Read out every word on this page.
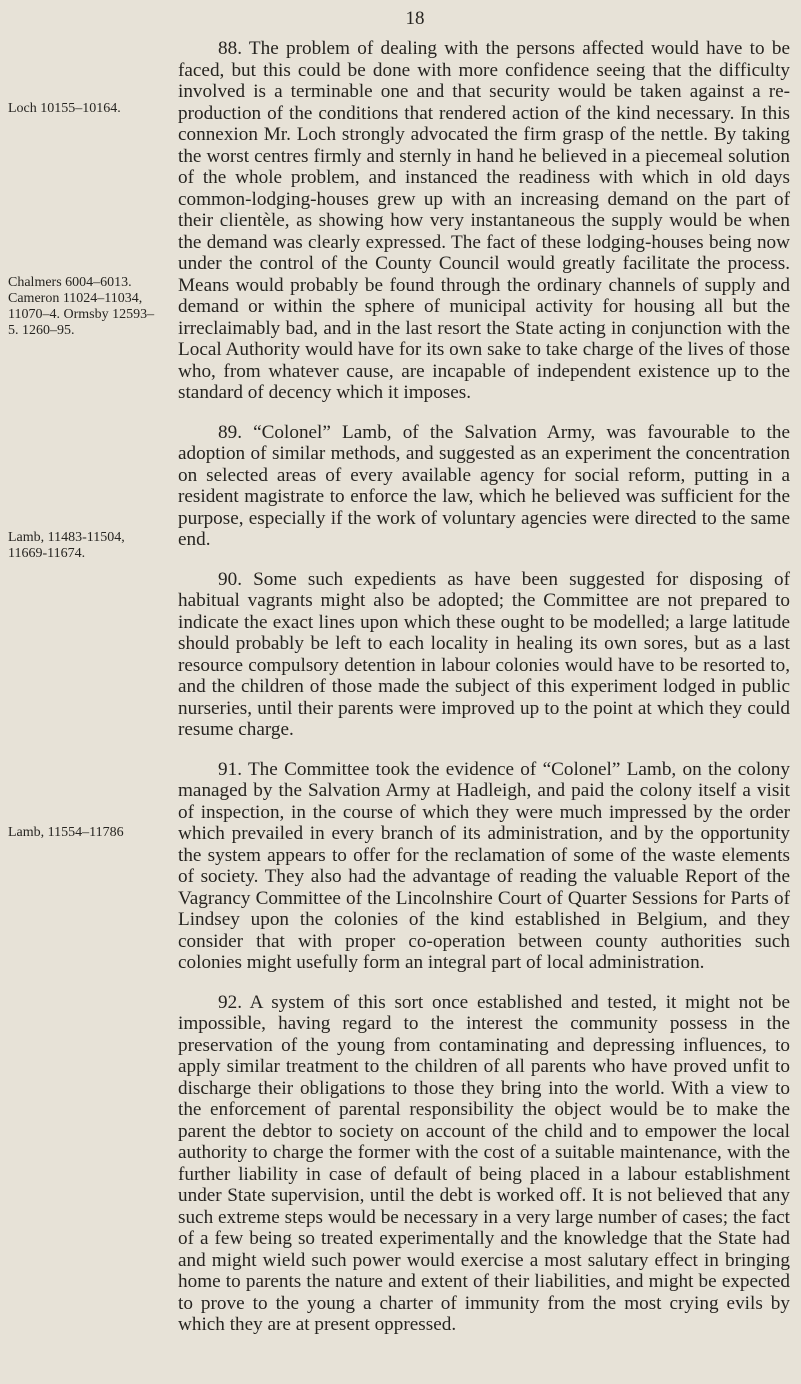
18
Loch 10155–10164.
Chalmers 6004–6013. Cameron 11024–11034, 11070–4. Ormsby 12593–5. 1260–95.
Lamb, 11483-11504, 11669-11674.
Lamb, 11554–11786

88. The problem of dealing with the persons affected would have to be faced, but this could be done with more confidence seeing that the difficulty involved is a terminable one and that security would be taken against a re-production of the conditions that rendered action of the kind necessary. In this connexion Mr. Loch strongly advocated the firm grasp of the nettle. By taking the worst centres firmly and sternly in hand he believed in a piecemeal solution of the whole problem, and instanced the readiness with which in old days common-lodging-houses grew up with an increasing demand on the part of their clientèle, as showing how very instantaneous the supply would be when the demand was clearly expressed. The fact of these lodging-houses being now under the control of the County Council would greatly facilitate the process. Means would probably be found through the ordinary channels of supply and demand or within the sphere of municipal activity for housing all but the irreclaimably bad, and in the last resort the State acting in conjunction with the Local Authority would have for its own sake to take charge of the lives of those who, from whatever cause, are incapable of independent existence up to the standard of decency which it imposes.

89. “Colonel” Lamb, of the Salvation Army, was favourable to the adoption of similar methods, and suggested as an experiment the concentration on selected areas of every available agency for social reform, putting in a resident magistrate to enforce the law, which he believed was sufficient for the purpose, especially if the work of voluntary agencies were directed to the same end.

90. Some such expedients as have been suggested for disposing of habitual vagrants might also be adopted; the Committee are not prepared to indicate the exact lines upon which these ought to be modelled; a large latitude should probably be left to each locality in healing its own sores, but as a last resource compulsory detention in labour colonies would have to be resorted to, and the children of those made the subject of this experiment lodged in public nurseries, until their parents were improved up to the point at which they could resume charge.

91. The Committee took the evidence of “Colonel” Lamb, on the colony managed by the Salvation Army at Hadleigh, and paid the colony itself a visit of inspection, in the course of which they were much impressed by the order which prevailed in every branch of its administration, and by the opportunity the system appears to offer for the reclamation of some of the waste elements of society. They also had the advantage of reading the valuable Report of the Vagrancy Committee of the Lincolnshire Court of Quarter Sessions for Parts of Lindsey upon the colonies of the kind established in Belgium, and they consider that with proper co-operation between county authorities such colonies might usefully form an integral part of local administration.

92. A system of this sort once established and tested, it might not be impossible, having regard to the interest the community possess in the preservation of the young from contaminating and depressing influences, to apply similar treatment to the children of all parents who have proved unfit to discharge their obligations to those they bring into the world. With a view to the enforcement of parental responsibility the object would be to make the parent the debtor to society on account of the child and to empower the local authority to charge the former with the cost of a suitable maintenance, with the further liability in case of default of being placed in a labour establishment under State supervision, until the debt is worked off. It is not believed that any such extreme steps would be necessary in a very large number of cases; the fact of a few being so treated experimentally and the knowledge that the State had and might wield such power would exercise a most salutary effect in bringing home to parents the nature and extent of their liabilities, and might be expected to prove to the young a charter of immunity from the most crying evils by which they are at present oppressed.
